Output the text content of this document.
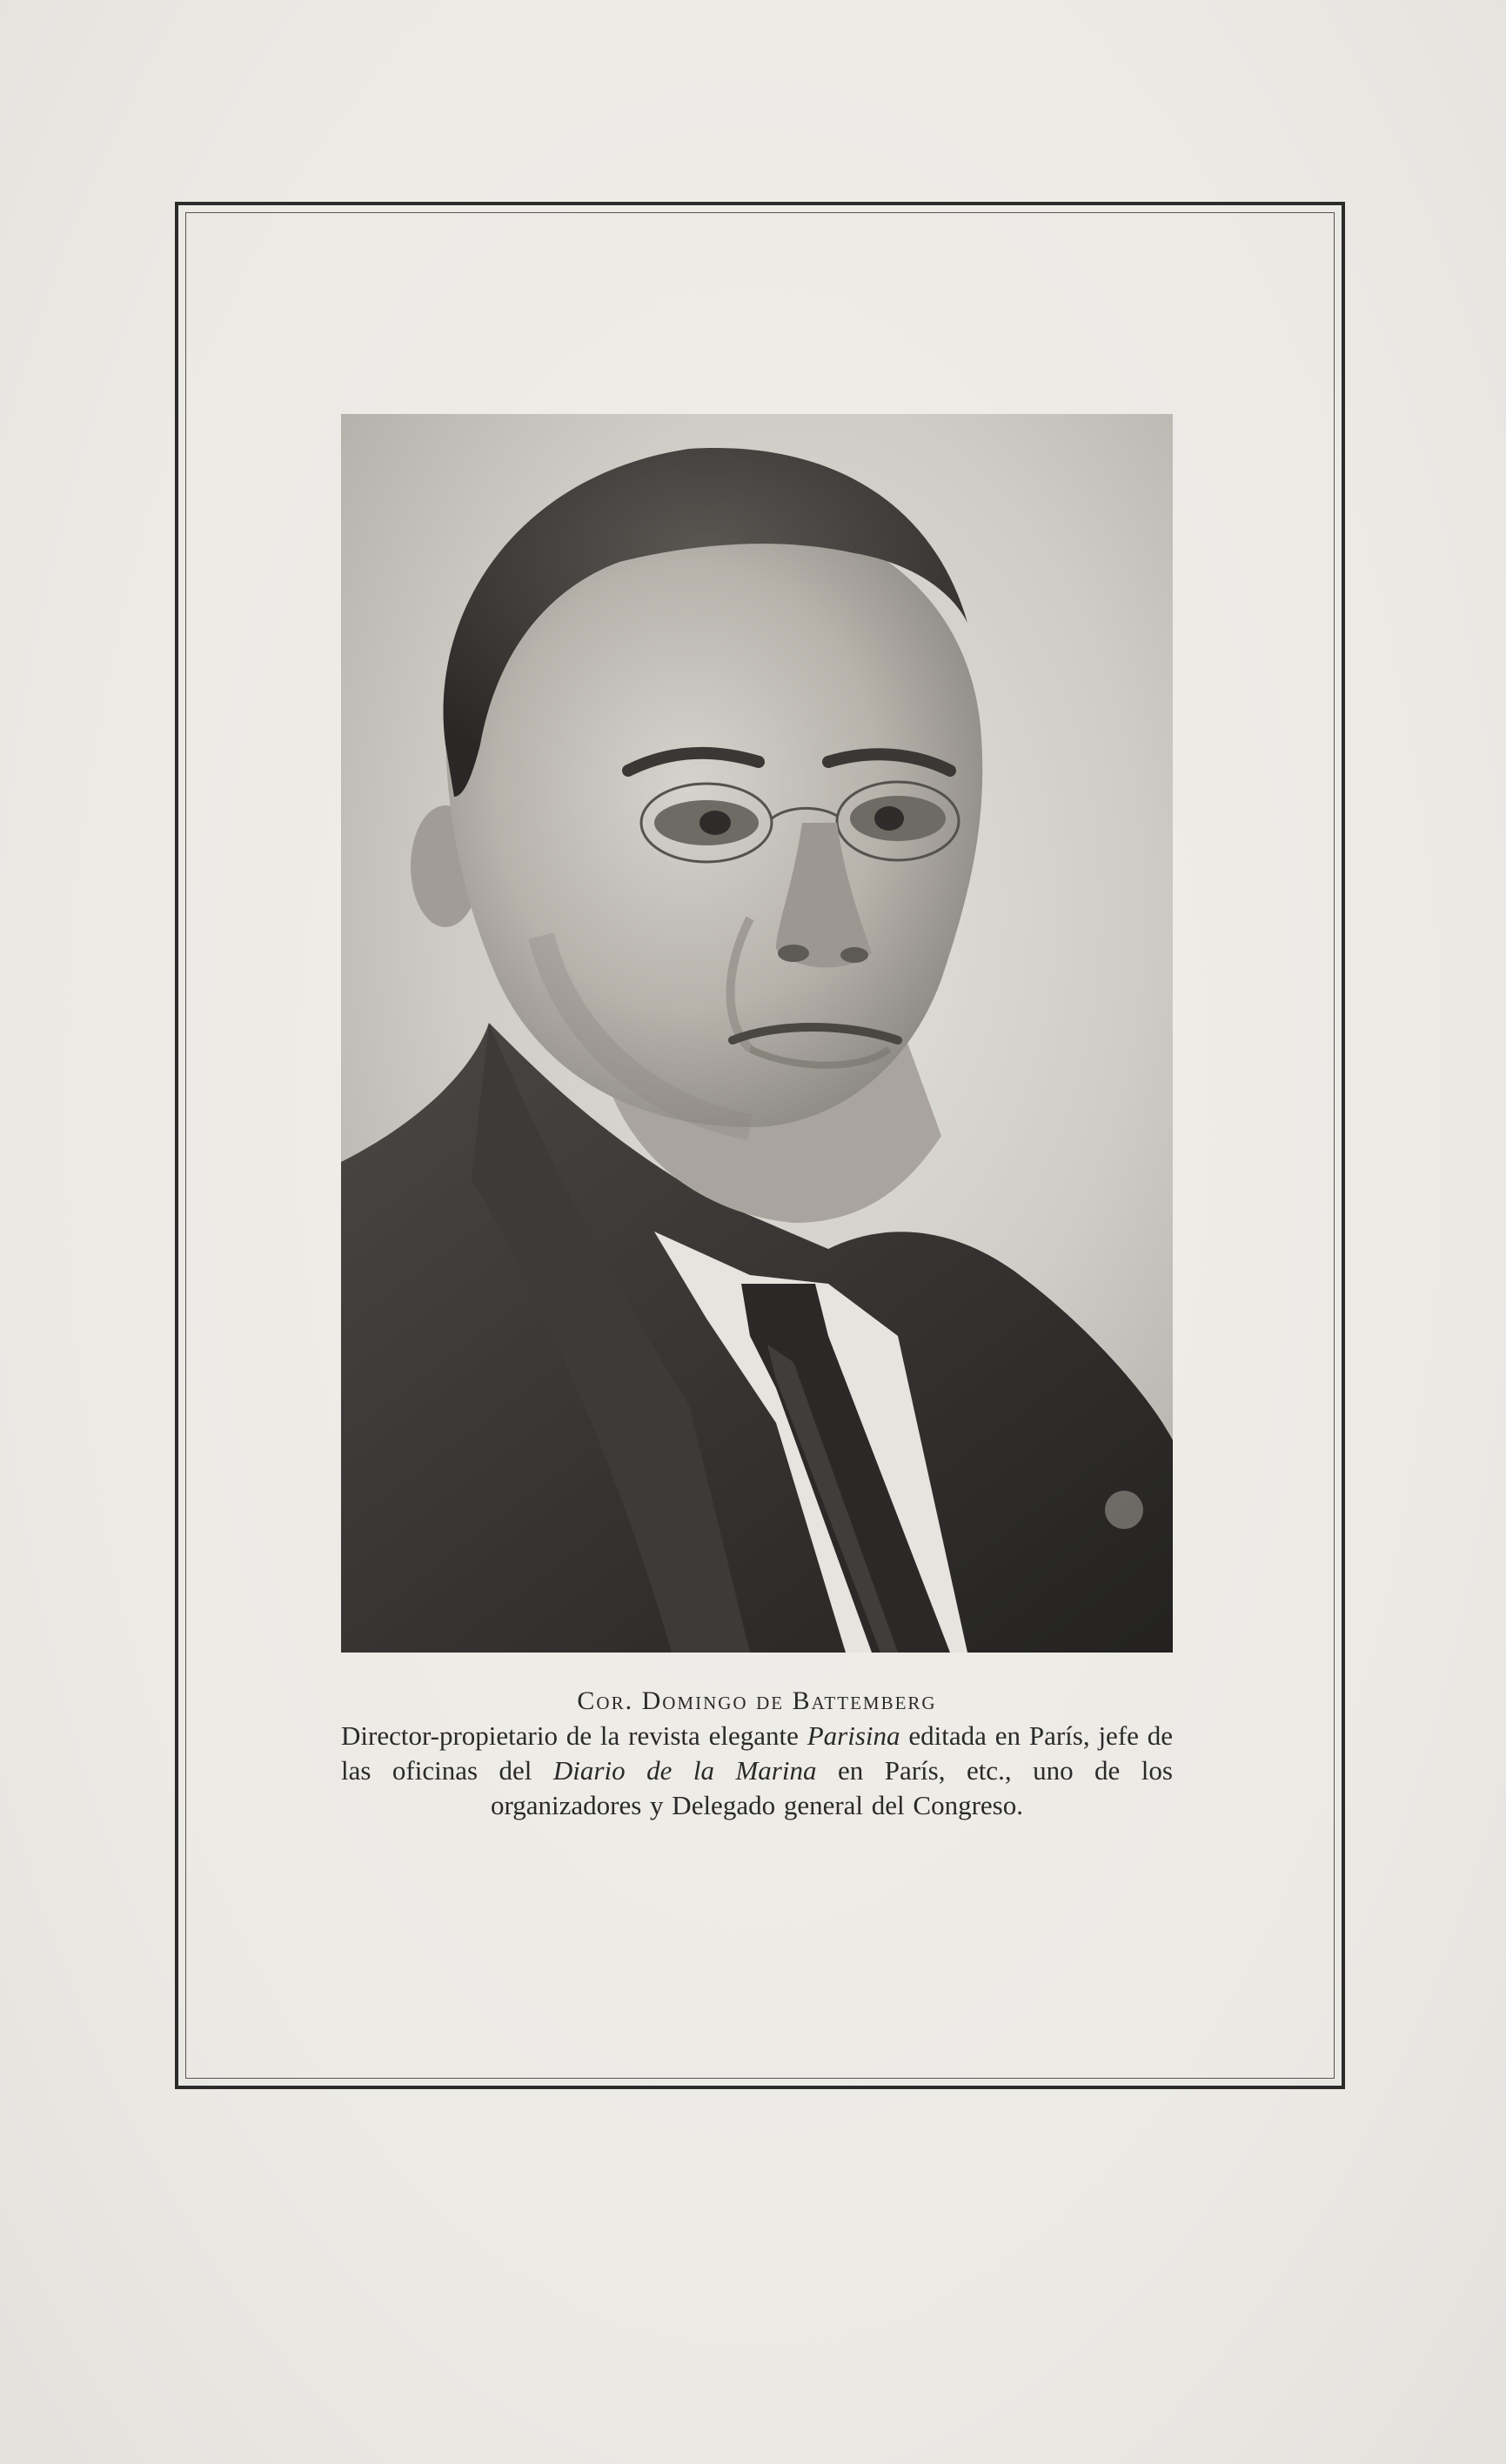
Cor. Domingo de Battemberg
Director-propietario de la revista elegante Parisina editada en París, jefe de las oficinas del Diario de la Marina en París, etc., uno de los organizadores y Delegado general del Congreso.
